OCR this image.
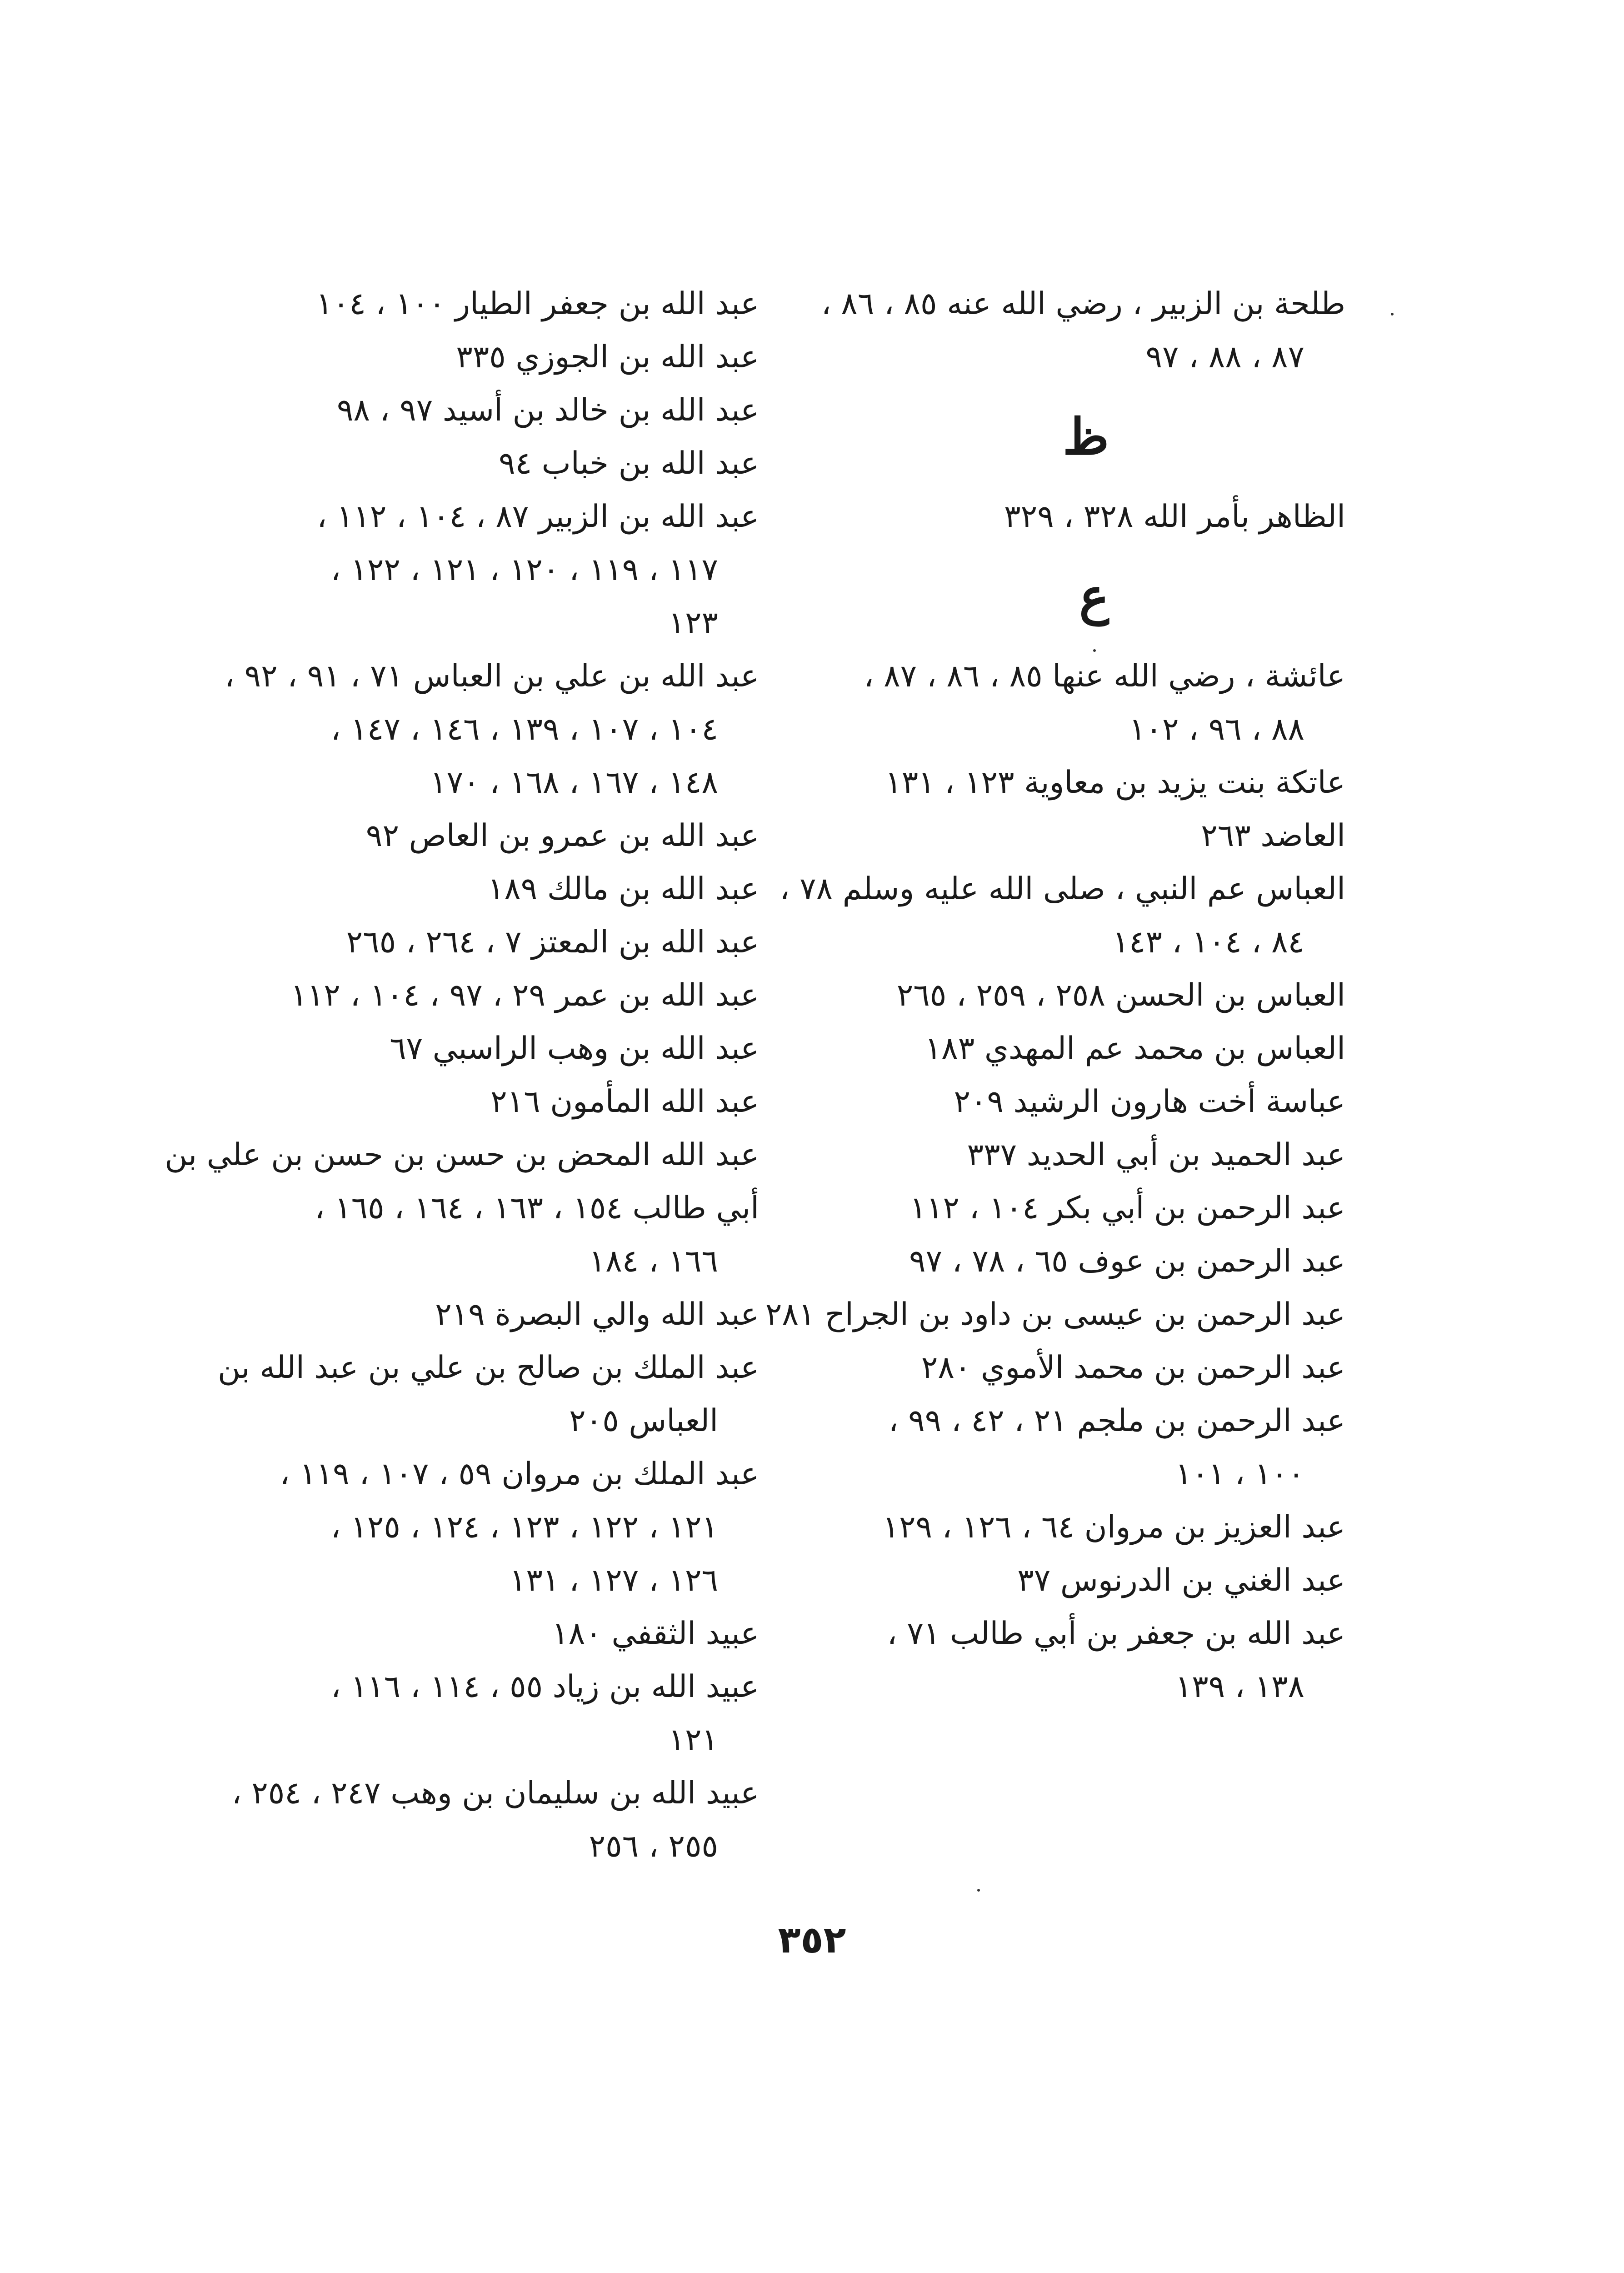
طلحة بن الزبير ، رضي الله عنه ٨٥ ، ٨٦ ،
٨٧ ، ٨٨ ، ٩٧
ظ
الظاهر بأمر الله ٣٢٨ ، ٣٢٩
ع
عائشة ، رضي الله عنها ٨٥ ، ٨٦ ، ٨٧ ،
٨٨ ، ٩٦ ، ١٠٢
عاتكة بنت يزيد بن معاوية ١٢٣ ، ١٣١
العاضد ٢٦٣
العباس عم النبي ، صلى الله عليه وسلم ٧٨ ،
٨٤ ، ١٠٤ ، ١٤٣
العباس بن الحسن ٢٥٨ ، ٢٥٩ ، ٢٦٥
العباس بن محمد عم المهدي ١٨٣
عباسة أخت هارون الرشيد ٢٠٩
عبد الحميد بن أبي الحديد ٣٣٧
عبد الرحمن بن أبي بكر ١٠٤ ، ١١٢
عبد الرحمن بن عوف ٦٥ ، ٧٨ ، ٩٧
عبد الرحمن بن عيسى بن داود بن الجراح ٢٨١
عبد الرحمن بن محمد الأموي ٢٨٠
عبد الرحمن بن ملجم ٢١ ، ٤٢ ، ٩٩ ،
١٠٠ ، ١٠١
عبد العزيز بن مروان ٦٤ ، ١٢٦ ، ١٢٩
عبد الغني بن الدرنوس ٣٧
عبد الله بن جعفر بن أبي طالب ٧١ ،
١٣٨ ، ١٣٩
عبد الله بن جعفر الطيار ١٠٠ ، ١٠٤
عبد الله بن الجوزي ٣٣٥
عبد الله بن خالد بن أسيد ٩٧ ، ٩٨
عبد الله بن خباب ٩٤
عبد الله بن الزبير ٨٧ ، ١٠٤ ، ١١٢ ،
١١٧ ، ١١٩ ، ١٢٠ ، ١٢١ ، ١٢٢ ،
١٢٣
عبد الله بن علي بن العباس ٧١ ، ٩١ ، ٩٢ ،
١٠٤ ، ١٠٧ ، ١٣٩ ، ١٤٦ ، ١٤٧ ،
١٤٨ ، ١٦٧ ، ١٦٨ ، ١٧٠
عبد الله بن عمرو بن العاص ٩٢
عبد الله بن مالك ١٨٩
عبد الله بن المعتز ٧ ، ٢٦٤ ، ٢٦٥
عبد الله بن عمر ٢٩ ، ٩٧ ، ١٠٤ ، ١١٢
عبد الله بن وهب الراسبي ٦٧
عبد الله المأمون ٢١٦
عبد الله المحض بن حسن بن حسن بن علي بن
أبي طالب ١٥٤ ، ١٦٣ ، ١٦٤ ، ١٦٥ ،
١٦٦ ، ١٨٤
عبد الله والي البصرة ٢١٩
عبد الملك بن صالح بن علي بن عبد الله بن
العباس ٢٠٥
عبد الملك بن مروان ٥٩ ، ١٠٧ ، ١١٩ ،
١٢١ ، ١٢٢ ، ١٢٣ ، ١٢٤ ، ١٢٥ ،
١٢٦ ، ١٢٧ ، ١٣١
عبيد الثقفي ١٨٠
عبيد الله بن زياد ٥٥ ، ١١٤ ، ١١٦ ،
١٢١
عبيد الله بن سليمان بن وهب ٢٤٧ ، ٢٥٤ ،
٢٥٥ ، ٢٥٦
٣٥٢
